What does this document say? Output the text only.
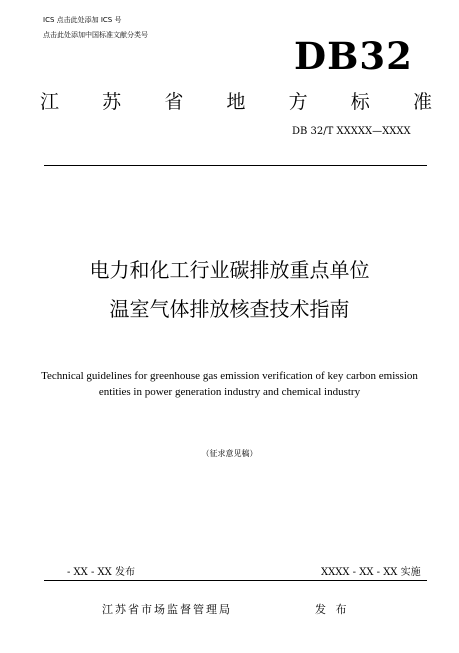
ICS 点击此处添加 ICS 号
点击此处添加中国标准文献分类号	DB32
江 苏 省 地 方 标 准
DB 32/T XXXXX—XXXX
电力和化工行业碳排放重点单位
温室气体排放核查技术指南
Technical guidelines for greenhouse gas emission verification of key carbon emission
entities in power generation industry and chemical industry
（征求意见稿）
- XX - XX 发布	XXXX - XX - XX 实施
江苏省市场监督管理局	发 布
